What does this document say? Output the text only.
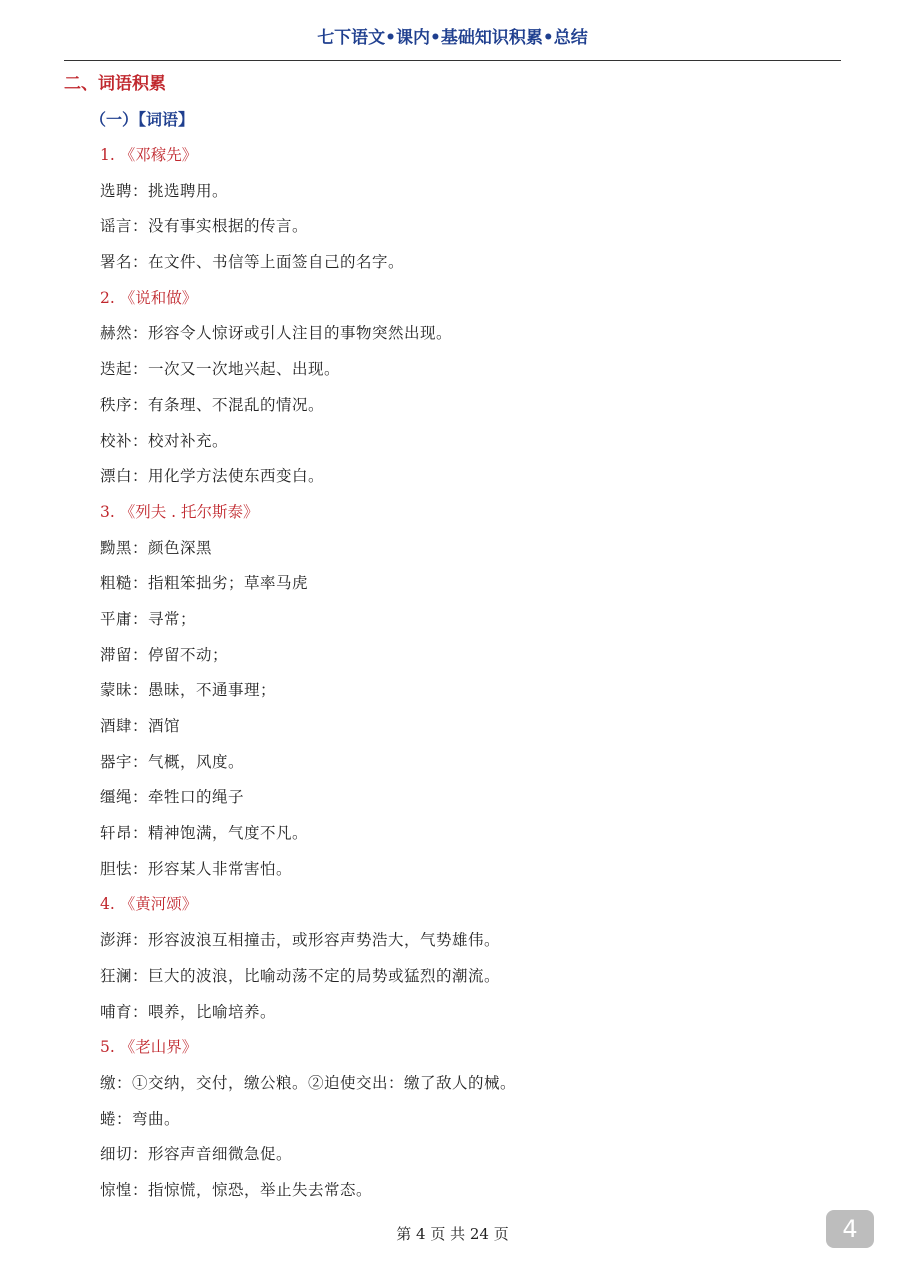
七下语文•课内•基础知识积累•总结
二、词语积累
（一）【词语】
1. 《邓稼先》
选聘：挑选聘用。
谣言：没有事实根据的传言。
署名：在文件、书信等上面签自己的名字。
2. 《说和做》
赫然：形容令人惊讶或引人注目的事物突然出现。
迭起：一次又一次地兴起、出现。
秩序：有条理、不混乱的情况。
校补：校对补充。
漂白：用化学方法使东西变白。
3. 《列夫 . 托尔斯泰》
黝黑：颜色深黑
粗糙：指粗笨拙劣；草率马虎
平庸：寻常；
滞留：停留不动；
蒙昧：愚昧，不通事理；
酒肆：酒馆
器宇：气概，风度。
缰绳：牵牲口的绳子
轩昂：精神饱满，气度不凡。
胆怯：形容某人非常害怕。
4. 《黄河颂》
澎湃：形容波浪互相撞击，或形容声势浩大，气势雄伟。
狂澜：巨大的波浪，比喻动荡不定的局势或猛烈的潮流。
哺育：喂养，比喻培养。
5. 《老山界》
缴：①交纳，交付，缴公粮。②迫使交出：缴了敌人的械。
蜷：弯曲。
细切：形容声音细微急促。
惊惶：指惊慌，惊恐，举止失去常态。
第 4 页 共 24 页	4
